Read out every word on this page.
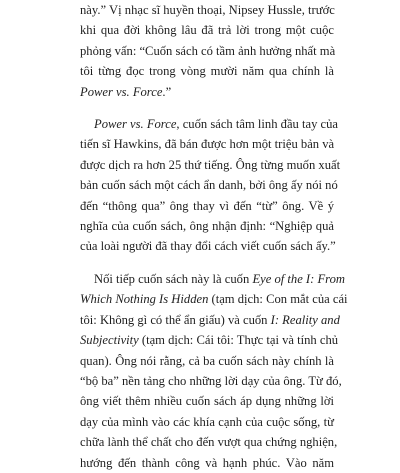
này.” Vị nhạc sĩ huyền thoại, Nipsey Hussle, trước
khi qua đời không lâu đã trả lời trong một cuộc
phỏng vấn: “Cuốn sách có tầm ảnh hưởng nhất mà
tôi từng đọc trong vòng mười năm qua chính là
Power vs. Force.”
Power vs. Force, cuốn sách tâm linh đầu tay của
tiến sĩ Hawkins, đã bán được hơn một triệu bản và
được dịch ra hơn 25 thứ tiếng. Ông từng muốn xuất
bản cuốn sách một cách ẩn danh, bởi ông ấy nói nó
đến “thông qua” ông thay vì đến “từ” ông. Về ý
nghĩa của cuốn sách, ông nhận định: “Nghiệp quả
của loài người đã thay đổi cách viết cuốn sách ấy.”
Nối tiếp cuốn sách này là cuốn Eye of the I: From
Which Nothing Is Hidden (tạm dịch: Con mắt của cái
tôi: Không gì có thể ẩn giấu) và cuốn I: Reality and
Subjectivity (tạm dịch: Cái tôi: Thực tại và tính chủ
quan). Ông nói rằng, cả ba cuốn sách này chính là
“bộ ba” nền tảng cho những lời dạy của ông. Từ đó,
ông viết thêm nhiều cuốn sách áp dụng những lời
dạy của mình vào các khía cạnh của cuộc sống, từ
chữa lành thể chất cho đến vượt qua chứng nghiện,
hướng đến thành công và hạnh phúc. Vào năm
